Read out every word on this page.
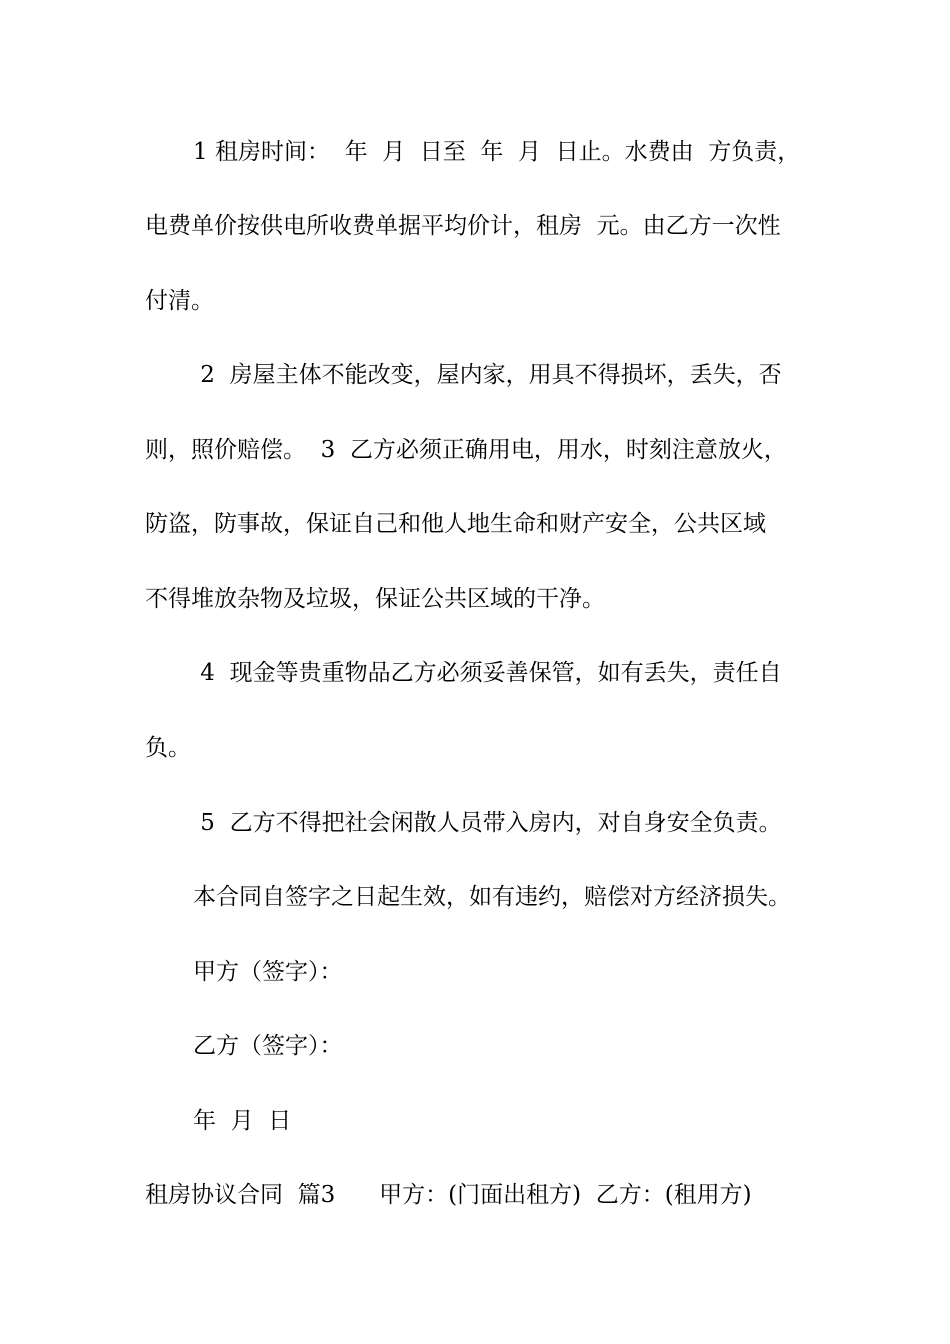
1 租房时间：  年  月  日至  年  月  日止。水费由  方负责，
电费单价按供电所收费单据平均价计，租房  元。由乙方一次性
付清。
2  房屋主体不能改变，屋内家，用具不得损坏，丢失，否
则，照价赔偿。  3  乙方必须正确用电，用水，时刻注意放火，
防盗，防事故，保证自己和他人地生命和财产安全，公共区域
不得堆放杂物及垃圾，保证公共区域的干净。
4  现金等贵重物品乙方必须妥善保管，如有丢失，责任自
负。
5  乙方不得把社会闲散人员带入房内，对自身安全负责。
本合同自签字之日起生效，如有违约，赔偿对方经济损失。
甲方（签字）：
乙方（签字）：
年  月  日
租房协议合同  篇3      甲方：(门面出租方)  乙方：(租用方)
